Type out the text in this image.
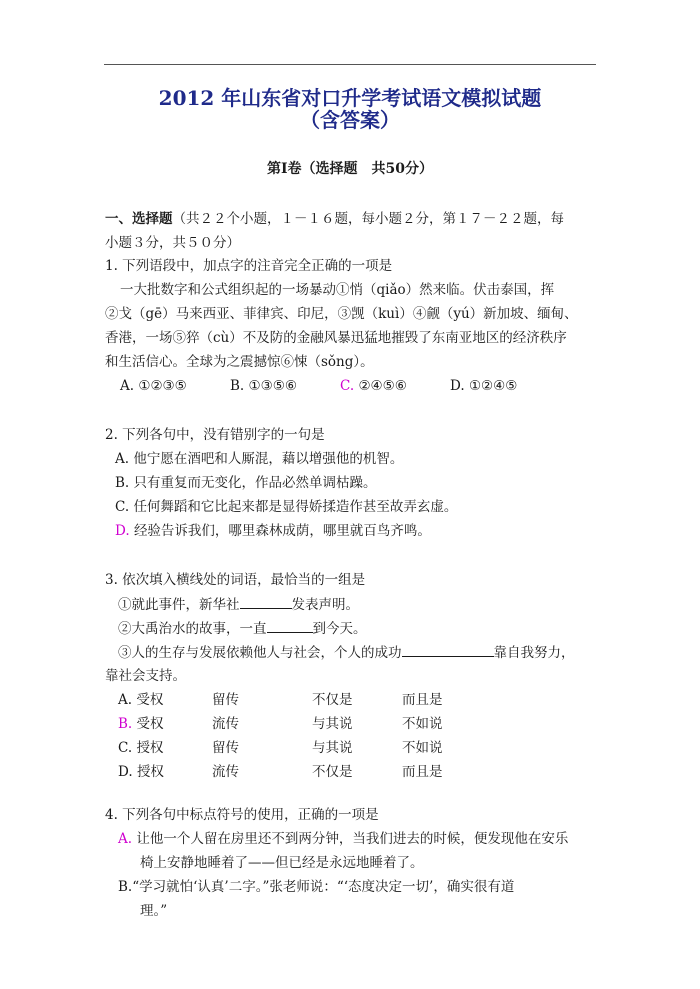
2012 年山东省对口升学考试语文模拟试题
（含答案）
第Ⅰ卷（选择题　共50分）
一、选择题（共２２个小题，１－１６题，每小题２分，第１７－２２题，每
小题３分，共５０分）
1. 下列语段中，加点字的注音完全正确的一项是
一大批数字和公式组织起的一场暴动①悄（qiǎo）然来临。伏击泰国，挥
②戈（gē）马来西亚、菲律宾、印尼，③觊（kuì）④觎（yú）新加坡、缅甸、
香港，一场⑤猝（cù）不及防的金融风暴迅猛地摧毁了东南亚地区的经济秩序
和生活信心。全球为之震撼惊⑥悚（sǒng）。
A. ①②③⑤	B. ①③⑤⑥	C. ②④⑤⑥	D. ①②④⑤
2. 下列各句中，没有错别字的一句是
A. 他宁愿在酒吧和人厮混，藉以增强他的机智。
B. 只有重复而无变化，作品必然单调枯躁。
C. 任何舞蹈和它比起来都是显得娇揉造作甚至故弄玄虚。
D. 经验告诉我们，哪里森林成荫，哪里就百鸟齐鸣。
3. 依次填入横线处的词语，最恰当的一组是
①就此事件，新华社	发表声明。
②大禹治水的故事，一直	到今天。
③人的生存与发展依赖他人与社会，个人的成功	靠自我努力，
靠社会支持。
A. 受权	留传	不仅是	而且是
B. 受权	流传	与其说	不如说
C. 授权	留传	与其说	不如说
D. 授权	流传	不仅是	而且是
4. 下列各句中标点符号的使用，正确的一项是
A. 让他一个人留在房里还不到两分钟，当我们进去的时候，便发现他在安乐
椅上安静地睡着了——但已经是永远地睡着了。
B.“学习就怕‘认真’二字。”张老师说：“‘态度决定一切’，确实很有道
理。”
